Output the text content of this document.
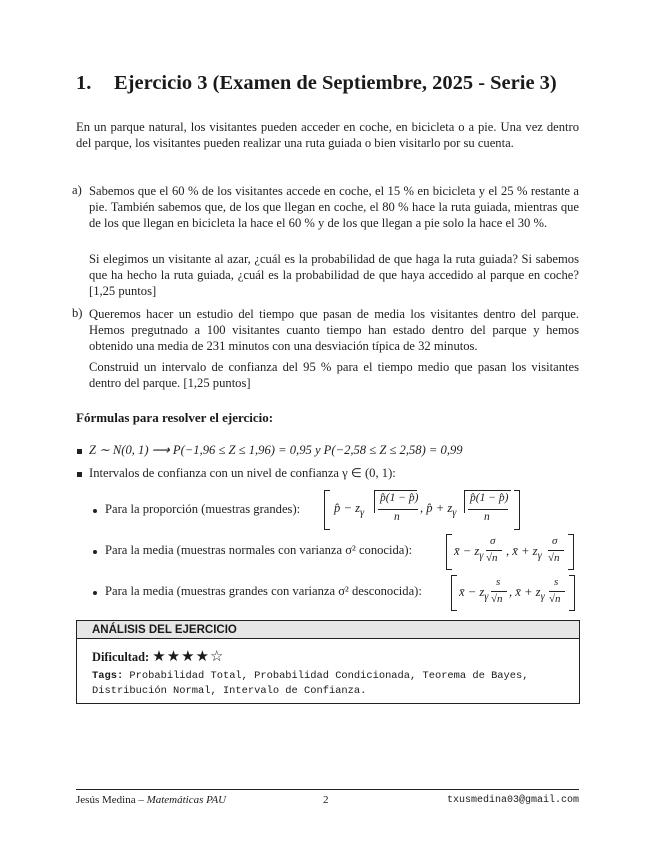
1. Ejercicio 3 (Examen de Septiembre, 2025 - Serie 3)
En un parque natural, los visitantes pueden acceder en coche, en bicicleta o a pie. Una vez dentro del parque, los visitantes pueden realizar una ruta guiada o bien visitarlo por su cuenta.
a) Sabemos que el 60 % de los visitantes accede en coche, el 15 % en bicicleta y el 25 % restante a pie. También sabemos que, de los que llegan en coche, el 80 % hace la ruta guiada, mientras que de los que llegan en bicicleta la hace el 60 % y de los que llegan a pie solo la hace el 30 %.
Si elegimos un visitante al azar, ¿cuál es la probabilidad de que haga la ruta guiada? Si sabemos que ha hecho la ruta guiada, ¿cuál es la probabilidad de que haya accedido al parque en coche? [1,25 puntos]
b) Queremos hacer un estudio del tiempo que pasan de media los visitantes dentro del parque. Hemos pregutnado a 100 visitantes cuanto tiempo han estado dentro del parque y hemos obtenido una media de 231 minutos con una desviación típica de 32 minutos.
Construid un intervalo de confianza del 95 % para el tiempo medio que pasan los visitantes dentro del parque. [1,25 puntos]
Fórmulas para resolver el ejercicio:
Z ∼ N(0, 1) ⟶ P(−1,96 ≤ Z ≤ 1,96) = 0,95 y P(−2,58 ≤ Z ≤ 2,58) = 0,99
Intervalos de confianza con un nivel de confianza γ ∈ (0, 1):
Para la proporción (muestras grandes):	p̂ − $z_\gamma$
p̂(1 − p̂)
n
, p̂ + $z_\gamma$
p̂(1 − p̂)
n
Para la media (muestras normales con varianza σ² conocida):	x̄ − $z_\gamma$
σ
√n , x̄ + $z_\gamma$
σ
√n
Para la media (muestras grandes con varianza σ² desconocida):	x̄ − $z_\gamma$
s
√n , x̄ + $z_\gamma$
s
√n
ANÁLISIS DEL EJERCICIO
Dificultad: ★★★★☆
Tags: Probabilidad Total, Probabilidad Condicionada, Teorema de Bayes, Distribución Normal, Intervalo de Confianza.
Jesús Medina – Matemáticas PAU	2	txusmedina03@gmail.com
